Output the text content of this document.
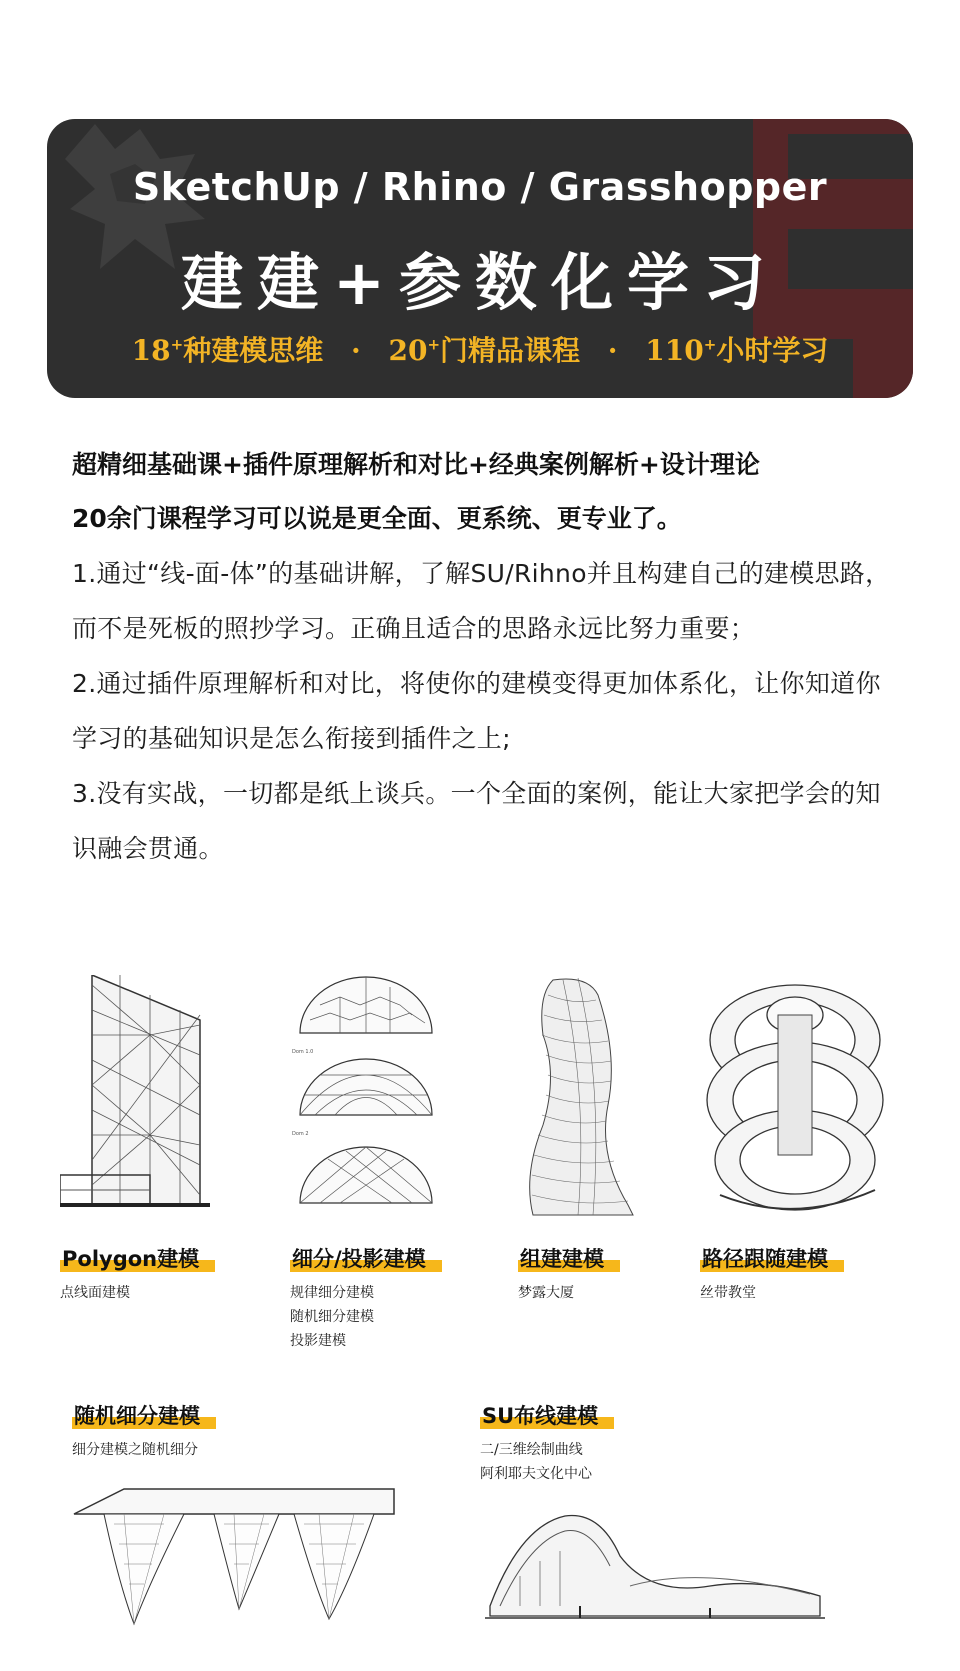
SketchUp / Rhino / Grasshopper
建建+参数化学习
18+种建模思维 · 20+门精品课程 · 110+小时学习
超精细基础课+插件原理解析和对比+经典案例解析+设计理论
20余门课程学习可以说是更全面、更系统、更专业了。
1.通过“线-面-体”的基础讲解，了解SU/Rihno并且构建自己的建模思路，而不是死板的照抄学习。正确且适合的思路永远比努力重要；
2.通过插件原理解析和对比，将使你的建模变得更加体系化，让你知道你学习的基础知识是怎么衔接到插件之上;
3.没有实战，一切都是纸上谈兵。一个全面的案例，能让大家把学会的知识融会贯通。
Polygon建模
点线面建模
Dom 1.0
Dom 2
细分/投影建模
规律细分建模
随机细分建模
投影建模
组建建模
梦露大厦
路径跟随建模
丝带教堂
随机细分建模
细分建模之随机细分
SU布线建模
二/三维绘制曲线
阿利耶夫文化中心
